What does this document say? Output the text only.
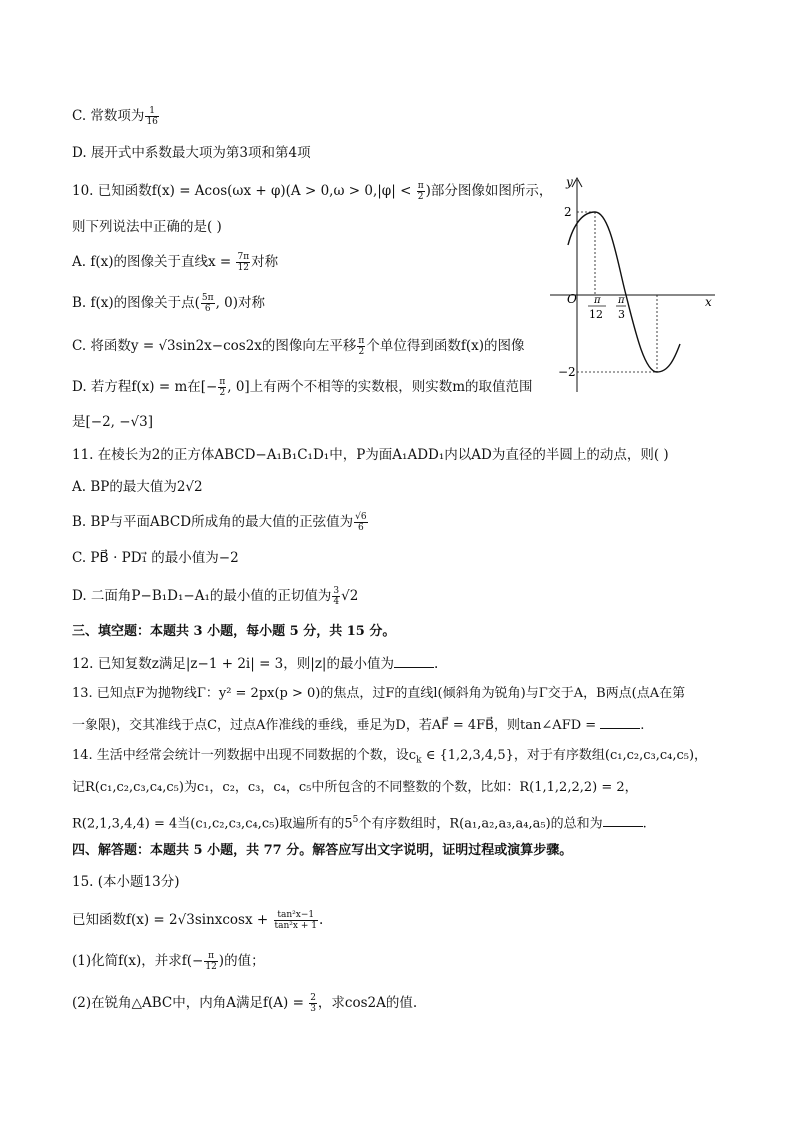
C. 常数项为 $\frac{1}{16}$
D. 展开式中系数最大项为第3项和第4项
10. 已知函数$f(x) = Acos(\omega x + \varphi)(A > 0,\omega > 0,|\varphi| < \frac{\pi}{2}$ )部分图像如图所示，
则下列说法中正确的是( )
A. f(x)的图像关于直线$x = \frac{7\pi}{12}$ 对称
B. f(x)的图像关于点( $\frac{5\pi}{6}$ , 0)对称
C. 将函数y = √3sin2x−cos2x的图像向左平移 $\frac{\pi}{2}$ 个单位得到函数f(x)的图像
D. 若方程f(x) = m在[− $\frac{\pi}{2}$ , 0]上有两个不相等的实数根，则实数m的取值范围
是[−2, −√3]
11. 在棱长为2的正方体ABCD−A₁B₁C₁D₁中，P为面A₁ADD₁内以AD为直径的半圆上的动点，则( )
A. BP的最大值为2√2
B. BP与平面ABCD所成角的最大值的正弦值为 $\frac{√6}{6}$
C. PB⃗ · PD₁⃗ 的最小值为−2
D. 二面角P−B₁D₁−A₁的最小值的正切值为 $\frac{3}{4} √2$
三、填空题：本题共 3 小题，每小题 5 分，共 15 分。
12. 已知复数z满足|z−1 + 2i| = 3，则|z|的最小值为	.
13. 已知点F为抛物线Γ：y² = 2px(p > 0)的焦点，过F的直线l(倾斜角为锐角)与Γ交于A，B两点(点A在第
一象限)，交其准线于点C，过点A作准线的垂线，垂足为D，若AF⃗ = 4FB⃗，则tan∠AFD =	.
14. 生活中经常会统计一列数据中出现不同数据的个数，设$c_k$ ∈ {1,2,3,4,5}，对于有序数组(c₁,c₂,c₃,c₄,c₅)，
记R(c₁,c₂,c₃,c₄,c₅)为c₁，c₂，c₃，c₄，c₅中所包含的不同整数的个数，比如：R(1,1,2,2,2) = 2，
R(2,1,3,4,4) = 4当(c₁,c₂,c₃,c₄,c₅)取遍所有的$5^5$个有序数组时，R(a₁,a₂,a₃,a₄,a₅)的总和为	.
四、解答题：本题共 5 小题，共 77 分。解答应写出文字说明，证明过程或演算步骤。
15. (本小题13分)
已知函数f(x) = 2√3sinxcosx + $\frac{\text{tan²x−1}}{\text{tan²x + 1}}$ .
(1)化简f(x)，并求$f(- \frac{\pi}{12}$ )的值；
(2)在锐角△ABC中，内角A满足$f(A) = \frac{2}{3}$ ，求cos2A的值.
y
x
O
2
−2
π
12
π
3
